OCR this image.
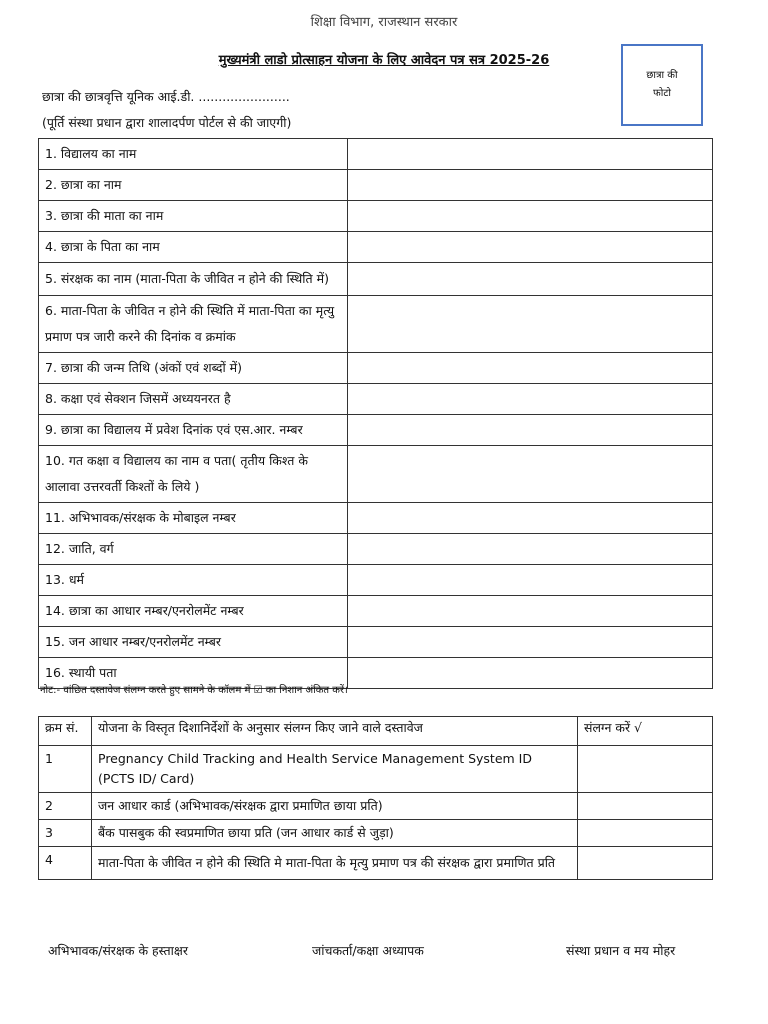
शिक्षा विभाग, राजस्थान सरकार
मुख्यमंत्री लाडो प्रोत्साहन योजना के लिए आवेदन पत्र सत्र 2025-26
छात्रा की
फोटो
छात्रा की छात्रवृत्ति यूनिक आई.डी. .......................
(पूर्ति संस्था प्रधान द्वारा शालादर्पण पोर्टल से की जाएगी)
1. विद्यालय का नाम	
2. छात्रा का नाम	
3. छात्रा की माता का नाम	
4. छात्रा के पिता का नाम	
5. संरक्षक का नाम (माता-पिता के जीवित न होने की स्थिति में)	
6. माता-पिता के जीवित न होने की स्थिति में माता-पिता का मृत्यु प्रमाण पत्र जारी करने की दिनांक व क्रमांक	
7. छात्रा की जन्म तिथि (अंकों एवं शब्दों में)	
8. कक्षा एवं सेक्शन जिसमें अध्ययनरत है	
9. छात्रा का विद्यालय में प्रवेश दिनांक एवं एस.आर. नम्बर	
10. गत कक्षा व विद्यालय का नाम व पता( तृतीय किश्त के आलावा उत्तरवर्ती किश्तों के लिये )	
11. अभिभावक/संरक्षक के मोबाइल नम्बर	
12. जाति, वर्ग	
13. धर्म	
14. छात्रा का आधार नम्बर/एनरोलमेंट नम्बर	
15. जन आधार नम्बर/एनरोलमेंट नम्बर	
16. स्थायी पता	
नोट:- वांछित दस्तावेज संलग्न करते हुए सामने के कॉलम में ☑ का निशान अंकित करें।
क्रम सं.	योजना के विस्तृत दिशानिर्देशों के अनुसार संलग्न किए जाने वाले दस्तावेज	संलग्न करें √
1	Pregnancy Child Tracking and Health Service Management System ID (PCTS ID/ Card)	
2	जन आधार कार्ड (अभिभावक/संरक्षक द्वारा प्रमाणित छाया प्रति)	
3	बैंक पासबुक की स्वप्रमाणित छाया प्रति (जन आधार कार्ड से जुड़ा)	
4	माता-पिता के जीवित न होने की स्थिति मे माता-पिता के मृत्यु प्रमाण पत्र की संरक्षक द्वारा प्रमाणित प्रति	
अभिभावक/संरक्षक के हस्ताक्षर	जांचकर्ता/कक्षा अध्यापक	संस्था प्रधान व मय मोहर
